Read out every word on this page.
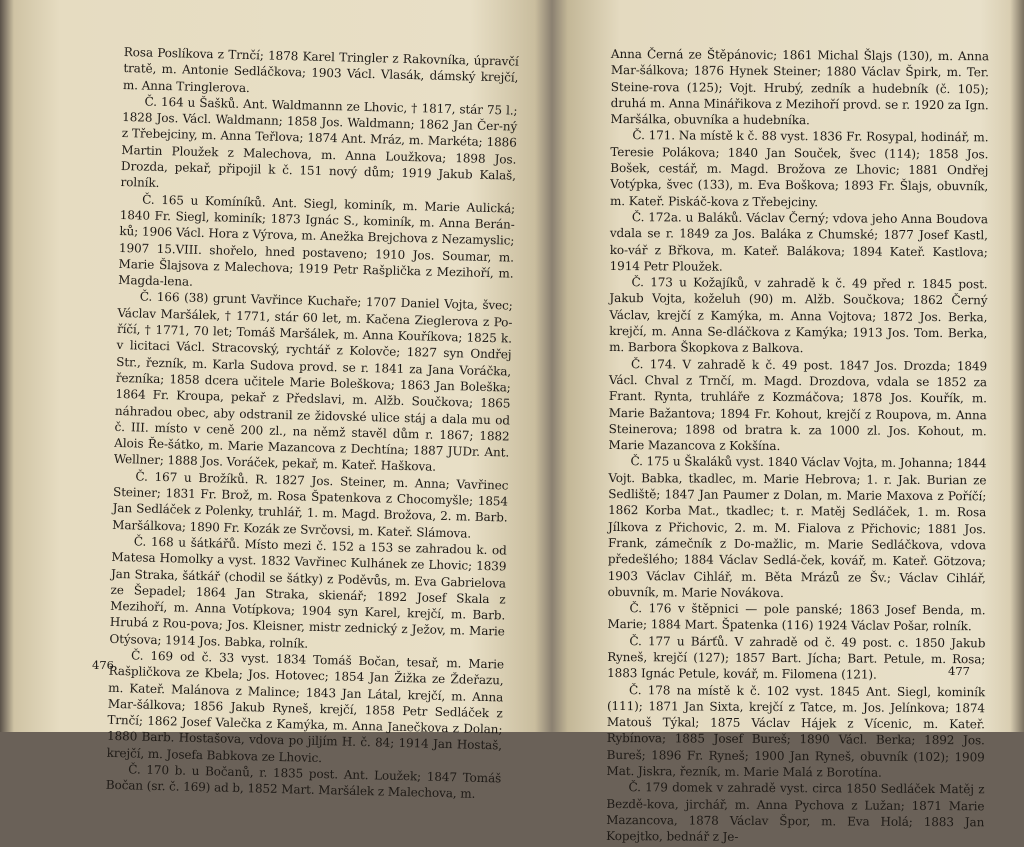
Rosa Poslíkova z Trnčí; 1878 Karel Tringler z Rakovníka, úpravčí tratě, m. Antonie Sedláčkova; 1903 Václ. Vlasák, dámský krejčí, m. Anna Tringlerova.

Č. 164 u Šašků. Ant. Waldmannn ze Lhovic, † 1817, stár 75 l.; 1828 Jos. Václ. Waldmann; 1858 Jos. Waldmann; 1862 Jan Čer-ný z Třebejciny, m. Anna Teřlova; 1874 Ant. Mráz, m. Markéta; 1886 Martin Ploužek z Malechova, m. Anna Loužkova; 1898 Jos. Drozda, pekař, připojil k č. 151 nový dům; 1919 Jakub Kalaš, rolník.

Č. 165 u Komíníků. Ant. Siegl, kominík, m. Marie Aulická; 1840 Fr. Siegl, kominík; 1873 Ignác S., kominík, m. Anna Berán-ků; 1906 Václ. Hora z Výrova, m. Anežka Brejchova z Nezamyslic; 1907 15.VIII. shořelo, hned postaveno; 1910 Jos. Soumar, m. Marie Šlajsova z Malechova; 1919 Petr Rašplička z Mezihoří, m. Magda-lena.

Č. 166 (38) grunt Vavřince Kuchaře; 1707 Daniel Vojta, švec; Václav Maršálek, † 1771, stár 60 let, m. Kačena Zieglerova z Po-říčí, † 1771, 70 let; Tomáš Maršálek, m. Anna Kouříkova; 1825 k. v licitaci Václ. Stracovský, rychtář z Kolovče; 1827 syn Ondřej Str., řezník, m. Karla Sudova provd. se r. 1841 za Jana Voráčka, řezníka; 1858 dcera učitele Marie Boleškova; 1863 Jan Boleška; 1864 Fr. Kroupa, pekař z Předslavi, m. Alžb. Součkova; 1865 náhradou obec, aby odstranil ze židovské ulice stáj a dala mu od č. III. místo v ceně 200 zl., na němž stavěl dům r. 1867; 1882 Alois Ře-šátko, m. Marie Mazancova z Dechtína; 1887 JUDr. Ant. Wellner; 1888 Jos. Voráček, pekař, m. Kateř. Haškova.

Č. 167 u Brožíků. R. 1827 Jos. Steiner, m. Anna; Vavřinec Steiner; 1831 Fr. Brož, m. Rosa Špatenkova z Chocomyšle; 1854 Jan Sedláček z Polenky, truhlář, 1. m. Magd. Brožova, 2. m. Barb. Maršálkova; 1890 Fr. Kozák ze Svrčovsi, m. Kateř. Slámova.

Č. 168 u šátkářů. Místo mezi č. 152 a 153 se zahradou k. od Matesa Homolky a vyst. 1832 Vavřinec Kulhánek ze Lhovic; 1839 Jan Straka, šátkář (chodil se šátky) z Poděvůs, m. Eva Gabrielova ze Šepadel; 1864 Jan Straka, skienář; 1892 Josef Skala z Mezihoří, m. Anna Votípkova; 1904 syn Karel, krejčí, m. Barb. Hrubá z Rou-pova; Jos. Kleisner, mistr zednický z Ježov, m. Marie Otýsova; 1914 Jos. Babka, rolník.

Č. 169 od č. 33 vyst. 1834 Tomáš Bočan, tesař, m. Marie Rašpličkova ze Kbela; Jos. Hotovec; 1854 Jan Žižka ze Ždeřazu, m. Kateř. Malánova z Malince; 1843 Jan Látal, krejčí, m. Anna Mar-šálkova; 1856 Jakub Ryneš, krejčí, 1858 Petr Sedláček z Trnčí; 1862 Josef Valečka z Kamýka, m. Anna Janečkova z Dolan; 1880 Barb. Hostašova, vdova po jiljím H. č. 84; 1914 Jan Hostaš, krejčí, m. Josefa Babkova ze Lhovic.

Č. 170 b. u Bočanů, r. 1835 post. Ant. Loužek; 1847 Tomáš Bočan (sr. č. 169) ad b, 1852 Mart. Maršálek z Malechova, m.

476

Anna Černá ze Štěpánovic; 1861 Michal Šlajs (130), m. Anna Mar-šálkova; 1876 Hynek Steiner; 1880 Václav Špirk, m. Ter. Steine-rova (125); Vojt. Hrubý, zedník a hudebník (č. 105); druhá m. Anna Minářikova z Mezihoří provd. se r. 1920 za Ign. Maršálka, obuvníka a hudebníka.

Č. 171. Na místě k č. 88 vyst. 1836 Fr. Rosypal, hodinář, m. Teresie Polákova; 1840 Jan Souček, švec (114); 1858 Jos. Bošek, cestář, m. Magd. Brožova ze Lhovic; 1881 Ondřej Votýpka, švec (133), m. Eva Boškova; 1893 Fr. Šlajs, obuvník, m. Kateř. Piskáč-kova z Třebejciny.

Č. 172a. u Baláků. Václav Černý; vdova jeho Anna Boudova vdala se r. 1849 za Jos. Baláka z Chumské; 1877 Josef Kastl, ko-vář z Břkova, m. Kateř. Balákova; 1894 Kateř. Kastlova; 1914 Petr Ploužek.

Č. 173 u Kožajíků, v zahradě k č. 49 před r. 1845 post. Jakub Vojta, koželuh (90) m. Alžb. Součkova; 1862 Černý Václav, krejčí z Kamýka, m. Anna Vojtova; 1872 Jos. Berka, krejčí, m. Anna Se-dláčkova z Kamýka; 1913 Jos. Tom. Berka, m. Barbora Škopkova z Balkova.

Č. 174. V zahradě k č. 49 post. 1847 Jos. Drozda; 1849 Václ. Chval z Trnčí, m. Magd. Drozdova, vdala se 1852 za Frant. Rynta, truhláře z Kozmáčova; 1878 Jos. Kouřík, m. Marie Bažantova; 1894 Fr. Kohout, krejčí z Roupova, m. Anna Steinerova; 1898 od bratra k. za 1000 zl. Jos. Kohout, m. Marie Mazancova z Kokšína.

Č. 175 u Škaláků vyst. 1840 Václav Vojta, m. Johanna; 1844 Vojt. Babka, tkadlec, m. Marie Hebrova; 1. r. Jak. Burian ze Sedliště; 1847 Jan Paumer z Dolan, m. Marie Maxova z Poříčí; 1862 Korba Mat., tkadlec; t. r. Matěj Sedláček, 1. m. Rosa Jílkova z Přichovic, 2. m. M. Fialova z Přichovic; 1881 Jos. Frank, zámečník z Do-mažlic, m. Marie Sedláčkova, vdova předešlého; 1884 Václav Sedlá-ček, kovář, m. Kateř. Götzova; 1903 Václav Cihlář, m. Běta Mrázů ze Šv.; Václav Cihlář, obuvník, m. Marie Novákova.

Č. 176 v štěpnici — pole panské; 1863 Josef Benda, m. Marie; 1884 Mart. Špatenka (116) 1924 Václav Pošar, rolník.

Č. 177 u Bárťů. V zahradě od č. 49 post. c. 1850 Jakub Ryneš, krejčí (127); 1857 Bart. Jícha; Bart. Petule, m. Rosa; 1883 Ignác Petule, kovář, m. Filomena (121).

Č. 178 na místě k č. 102 vyst. 1845 Ant. Siegl, kominík (111); 1871 Jan Sixta, krejčí z Tatce, m. Jos. Jelínkova; 1874 Matouš Týkal; 1875 Václav Hájek z Vícenic, m. Kateř. Rybínova; 1885 Josef Bureš; 1890 Václ. Berka; 1892 Jos. Bureš; 1896 Fr. Ryneš; 1900 Jan Ryneš, obuvník (102); 1909 Mat. Jiskra, řezník, m. Marie Malá z Borotína.

Č. 179 domek v zahradě vyst. circa 1850 Sedláček Matěj z Bezdě-kova, jirchář, m. Anna Pychova z Lužan; 1871 Marie Mazancova, 1878 Václav Špor, m. Eva Holá; 1883 Jan Kopejtko, bednář z Je-

477
